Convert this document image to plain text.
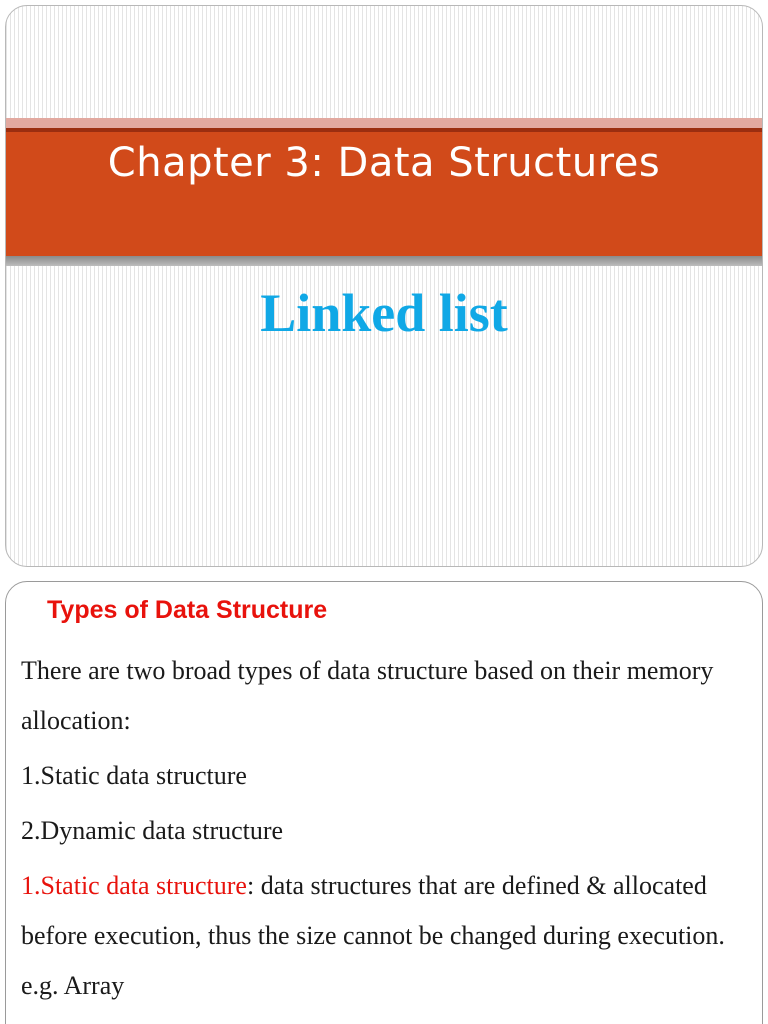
Chapter 3: Data Structures
Linked list
Types of Data Structure

There are two broad types of data structure based on their memory allocation:

1.Static data structure

2.Dynamic data structure

1.Static data structure: data structures that are defined & allocated before execution, thus the size cannot be changed during execution. e.g. Array
